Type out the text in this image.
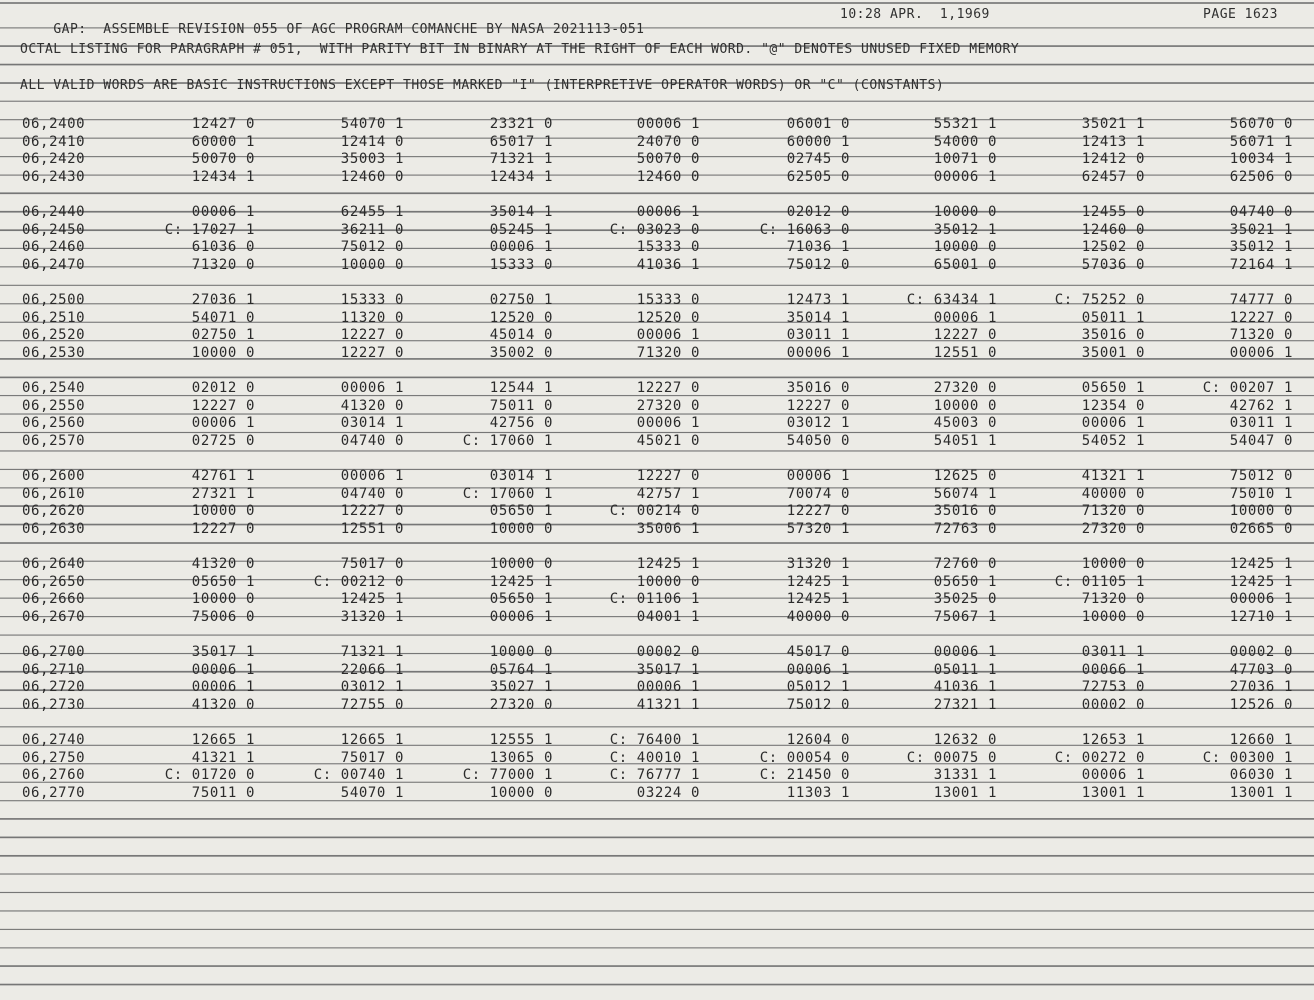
GAP:  ASSEMBLE REVISION 055 OF AGC PROGRAM COMANCHE BY NASA 2021113-051

10:28 APR.  1,1969

	PAGE 1623

OCTAL LISTING FOR PARAGRAPH # 051,  WITH PARITY BIT IN BINARY AT THE RIGHT OF EACH WORD. "@" DENOTES UNUSED FIXED MEMORY
ALL VALID WORDS ARE BASIC INSTRUCTIONS EXCEPT THOSE MARKED "I" (INTERPRETIVE OPERATOR WORDS) OR "C" (CONSTANTS)
06,2400	12427 0	54070 1	23321 0	00006 1	06001 0	55321 1	35021 1	56070 0
06,2410	60000 1	12414 0	65017 1	24070 0	60000 1	54000 0	12413 1	56071 1
06,2420	50070 0	35003 1	71321 1	50070 0	02745 0	10071 0	12412 0	10034 1
06,2430	12434 1	12460 0	12434 1	12460 0	62505 0	00006 1	62457 0	62506 0
06,2440	00006 1	62455 1	35014 1	00006 1	02012 0	10000 0	12455 0	04740 0
06,2450	C: 17027 1	36211 0	05245 1	C: 03023 0	C: 16063 0	35012 1	12460 0	35021 1
06,2460	61036 0	75012 0	00006 1	15333 0	71036 1	10000 0	12502 0	35012 1
06,2470	71320 0	10000 0	15333 0	41036 1	75012 0	65001 0	57036 0	72164 1
06,2500	27036 1	15333 0	02750 1	15333 0	12473 1	C: 63434 1	C: 75252 0	74777 0
06,2510	54071 0	11320 0	12520 0	12520 0	35014 1	00006 1	05011 1	12227 0
06,2520	02750 1	12227 0	45014 0	00006 1	03011 1	12227 0	35016 0	71320 0
06,2530	10000 0	12227 0	35002 0	71320 0	00006 1	12551 0	35001 0	00006 1
06,2540	02012 0	00006 1	12544 1	12227 0	35016 0	27320 0	05650 1	C: 00207 1
06,2550	12227 0	41320 0	75011 0	27320 0	12227 0	10000 0	12354 0	42762 1
06,2560	00006 1	03014 1	42756 0	00006 1	03012 1	45003 0	00006 1	03011 1
06,2570	02725 0	04740 0	C: 17060 1	45021 0	54050 0	54051 1	54052 1	54047 0
06,2600	42761 1	00006 1	03014 1	12227 0	00006 1	12625 0	41321 1	75012 0
06,2610	27321 1	04740 0	C: 17060 1	42757 1	70074 0	56074 1	40000 0	75010 1
06,2620	10000 0	12227 0	05650 1	C: 00214 0	12227 0	35016 0	71320 0	10000 0
06,2630	12227 0	12551 0	10000 0	35006 1	57320 1	72763 0	27320 0	02665 0
06,2640	41320 0	75017 0	10000 0	12425 1	31320 1	72760 0	10000 0	12425 1
06,2650	05650 1	C: 00212 0	12425 1	10000 0	12425 1	05650 1	C: 01105 1	12425 1
06,2660	10000 0	12425 1	05650 1	C: 01106 1	12425 1	35025 0	71320 0	00006 1
06,2670	75006 0	31320 1	00006 1	04001 1	40000 0	75067 1	10000 0	12710 1
06,2700	35017 1	71321 1	10000 0	00002 0	45017 0	00006 1	03011 1	00002 0
06,2710	00006 1	22066 1	05764 1	35017 1	00006 1	05011 1	00066 1	47703 0
06,2720	00006 1	03012 1	35027 1	00006 1	05012 1	41036 1	72753 0	27036 1
06,2730	41320 0	72755 0	27320 0	41321 1	75012 0	27321 1	00002 0	12526 0
06,2740	12665 1	12665 1	12555 1	C: 76400 1	12604 0	12632 0	12653 1	12660 1
06,2750	41321 1	75017 0	13065 0	C: 40010 1	C: 00054 0	C: 00075 0	C: 00272 0	C: 00300 1
06,2760	C: 01720 0	C: 00740 1	C: 77000 1	C: 76777 1	C: 21450 0	31331 1	00006 1	06030 1
06,2770	75011 0	54070 1	10000 0	03224 0	11303 1	13001 1	13001 1	13001 1
